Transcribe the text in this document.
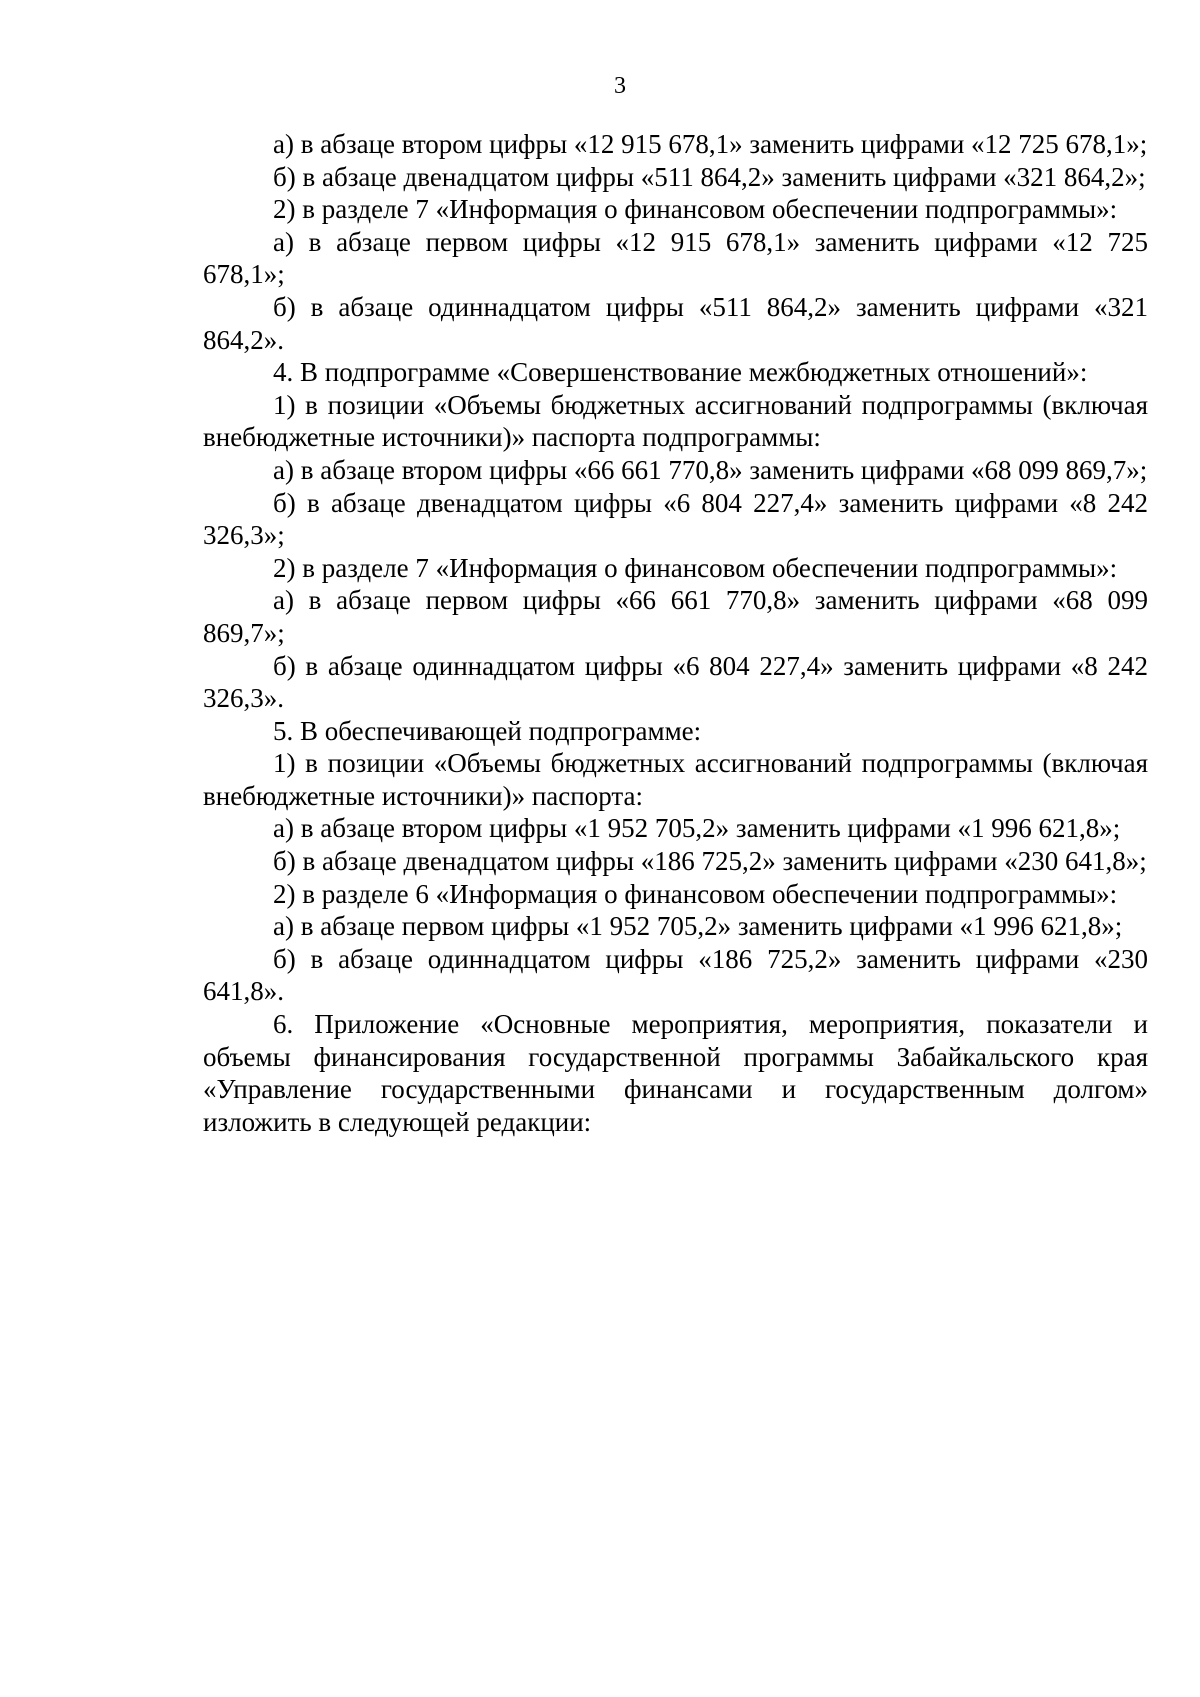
3

а) в абзаце втором цифры «12 915 678,1» заменить цифрами «12 725 678,1»;

б) в абзаце двенадцатом цифры «511 864,2» заменить цифрами «321 864,2»;

2) в разделе 7 «Информация о финансовом обеспечении подпрограммы»:

а) в абзаце первом цифры «12 915 678,1» заменить цифрами «12 725 678,1»;

б) в абзаце одиннадцатом цифры «511 864,2» заменить цифрами «321 864,2».

4. В подпрограмме «Совершенствование межбюджетных отношений»:

1) в позиции «Объемы бюджетных ассигнований подпрограммы (включая внебюджетные источники)» паспорта подпрограммы:

а) в абзаце втором цифры «66 661 770,8» заменить цифрами «68 099 869,7»;

б) в абзаце двенадцатом цифры «6 804 227,4» заменить цифрами «8 242 326,3»;

2) в разделе 7 «Информация о финансовом обеспечении подпрограммы»:

а) в абзаце первом цифры «66 661 770,8» заменить цифрами «68 099 869,7»;

б) в абзаце одиннадцатом цифры «6 804 227,4» заменить цифрами «8 242 326,3».

5. В обеспечивающей подпрограмме:

1) в позиции «Объемы бюджетных ассигнований подпрограммы (включая внебюджетные источники)» паспорта:

а) в абзаце втором цифры «1 952 705,2» заменить цифрами «1 996 621,8»;

б) в абзаце двенадцатом цифры «186 725,2» заменить цифрами «230 641,8»;

2) в разделе 6 «Информация о финансовом обеспечении подпрограммы»:

а) в абзаце первом цифры «1 952 705,2» заменить цифрами «1 996 621,8»;

б) в абзаце одиннадцатом цифры «186 725,2» заменить цифрами «230 641,8».

6. Приложение «Основные мероприятия, мероприятия, показатели и объемы финансирования государственной программы Забайкальского края «Управление государственными финансами и государственным долгом» изложить в следующей редакции:
